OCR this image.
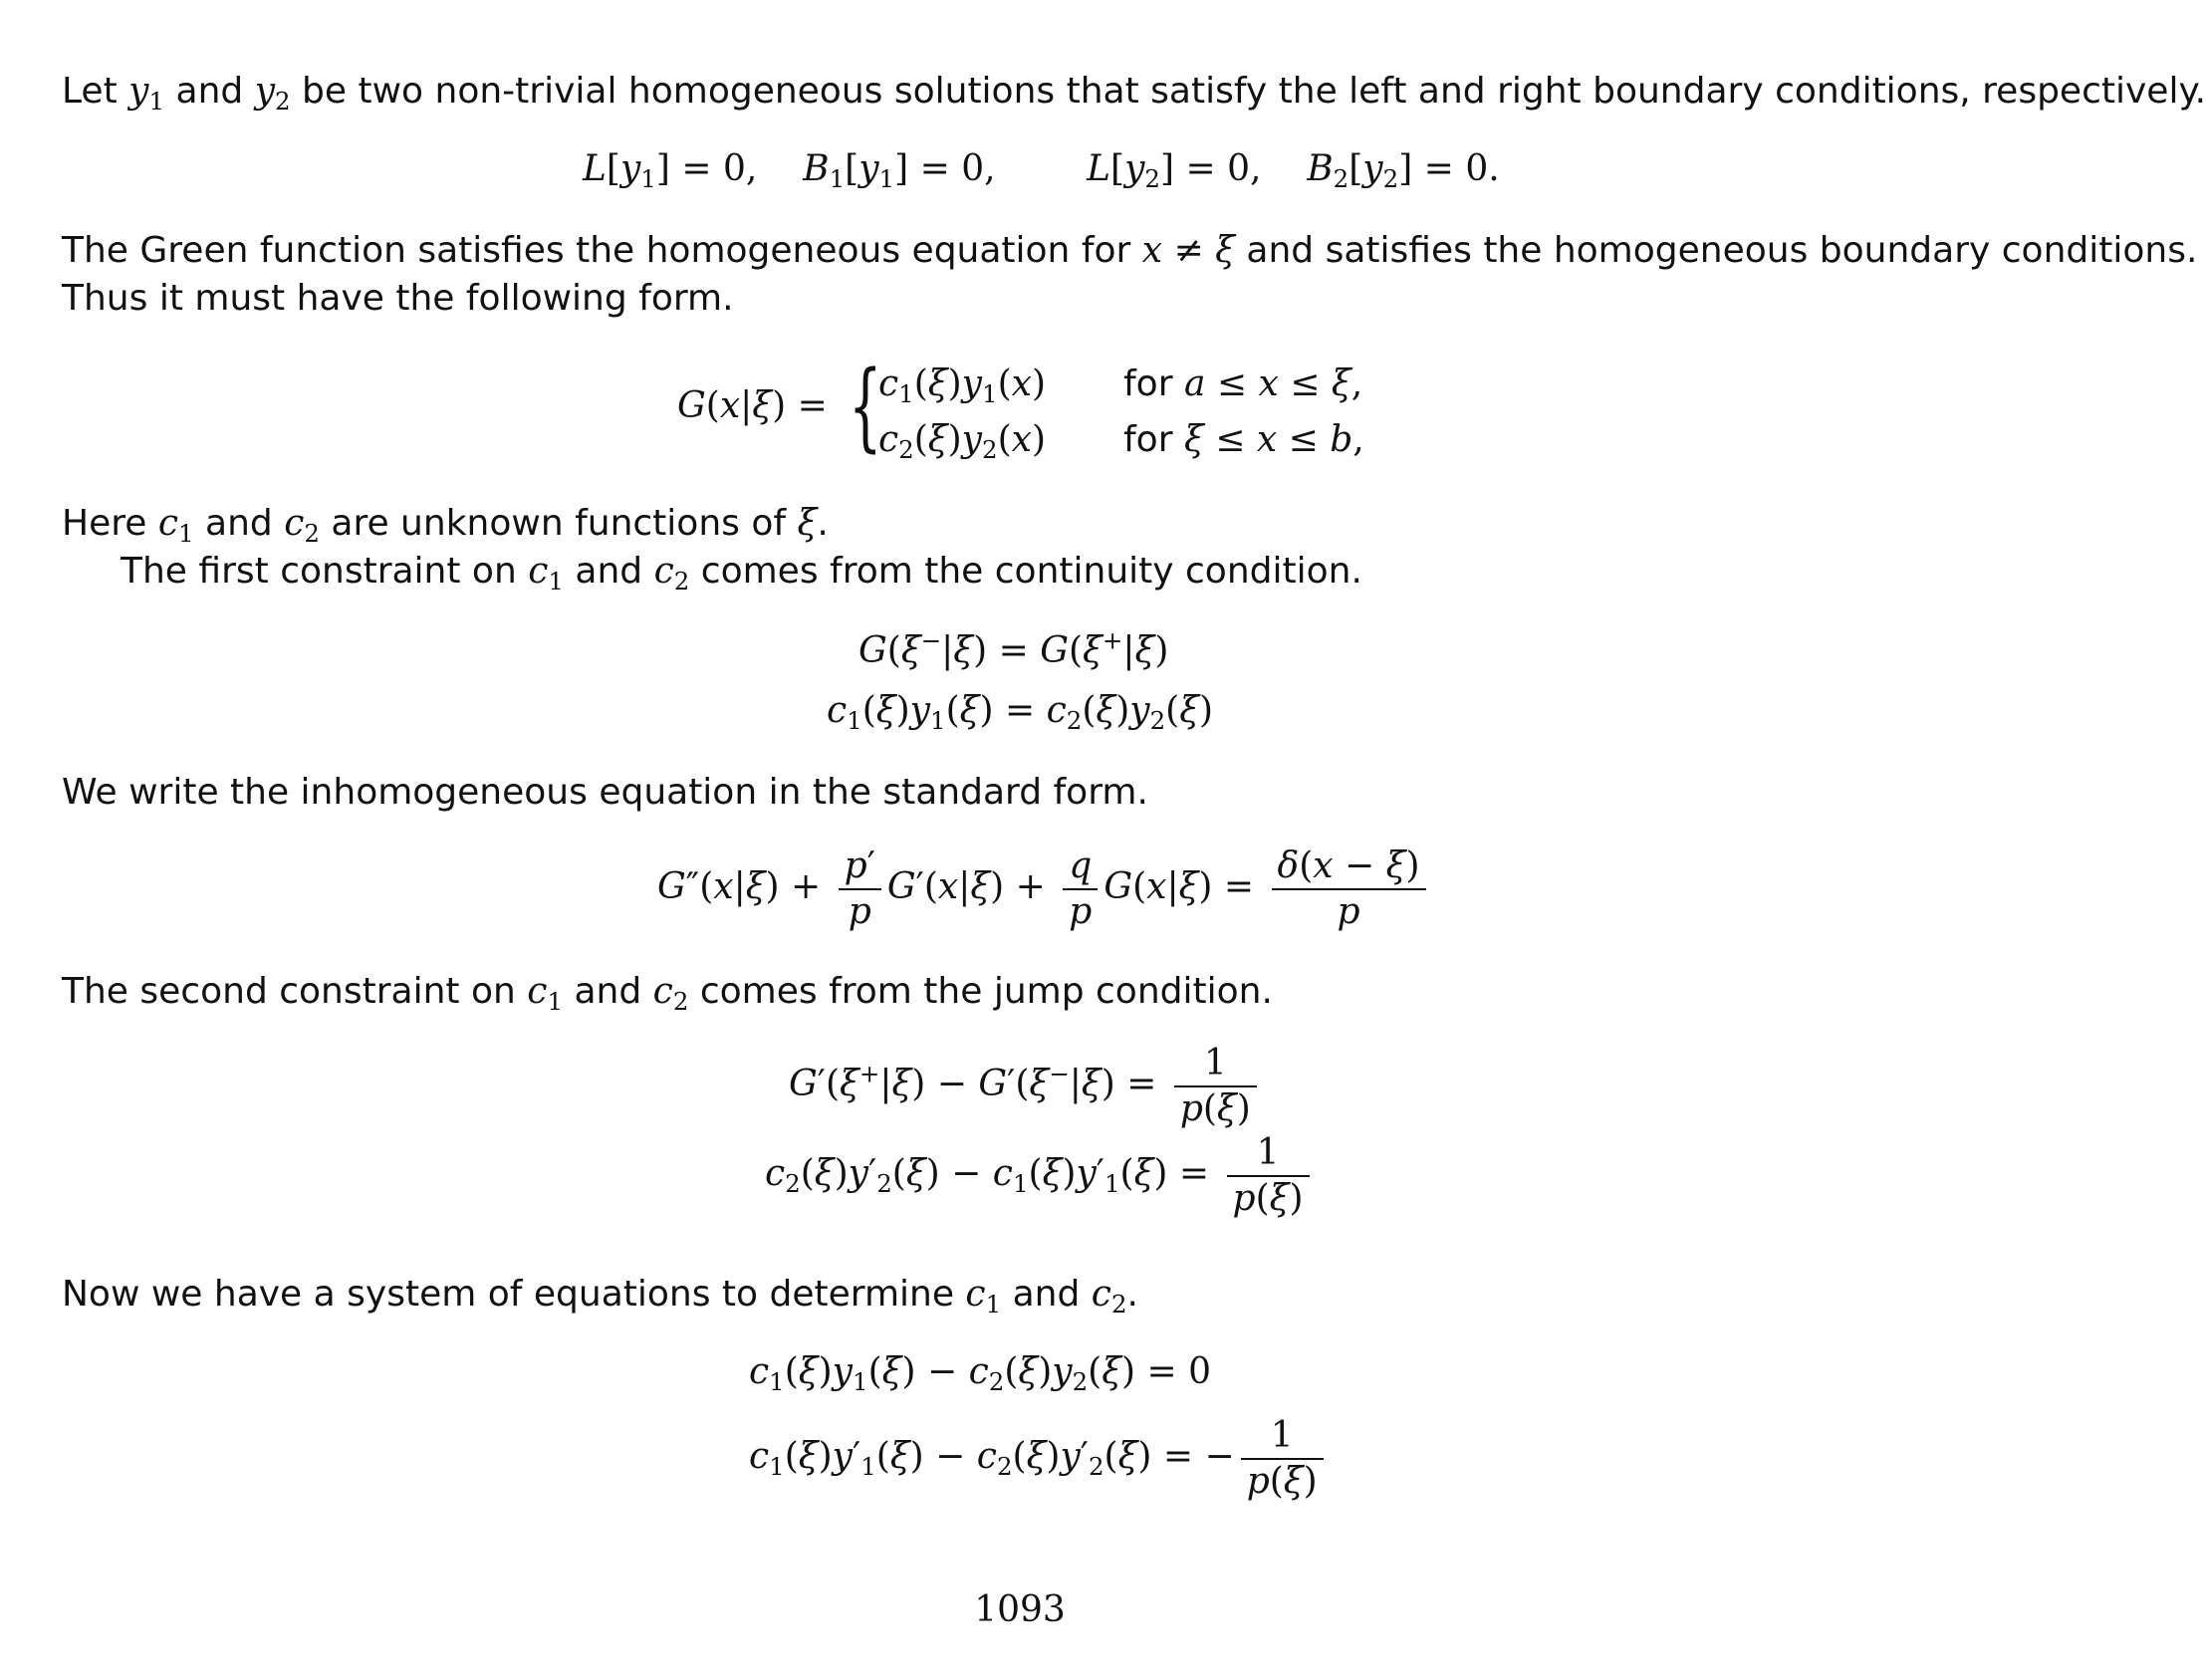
Let $y_1$ and $y_2$ be two non-trivial homogeneous solutions that satisfy the left and right boundary conditions, respectively.

$L[y_1] = 0$,    $B_1[y_1] = 0$,        $L[y_2] = 0$,    $B_2[y_2] = 0$.

The Green function satisfies the homogeneous equation for x ≠ ξ and satisfies the homogeneous boundary conditions.

Thus it must have the following form.

G(x|ξ) = {
$c_1(\xi)y_1(x)$ for a ≤ x ≤ ξ,
$c_2(\xi)y_2(x)$ for ξ ≤ x ≤ b,

Here $c_1$ and $c_2$ are unknown functions of ξ.

The first constraint on $c_1$ and $c_2$ comes from the continuity condition.

G(ξ−|ξ) = G(ξ+|ξ)
$c_1(\xi)y_1(\xi) = c_2(\xi)y_2(\xi)$

We write the inhomogeneous equation in the standard form.

$G''(x|\xi) + \frac{p'}{p} G'(x|\xi) + \frac{q}{p} G(x|\xi) = \frac{\delta(x - \xi)}{p}$

The second constraint on $c_1$ and $c_2$ comes from the jump condition.

$G'(\xi^+|\xi) - G'(\xi^-|\xi) = \frac{1}{p(\xi)}$
$c_2(\xi)y'_2(\xi) - c_1(\xi)y'_1(\xi) = \frac{1}{p(\xi)}$

Now we have a system of equations to determine $c_1$ and $c_2$.

$c_1(\xi)y_1(\xi) - c_2(\xi)y_2(\xi) = 0$
$c_1(\xi)y'_1(\xi) - c_2(\xi)y'_2(\xi)$ = − $\frac{1}{p(\xi)}$
1093
